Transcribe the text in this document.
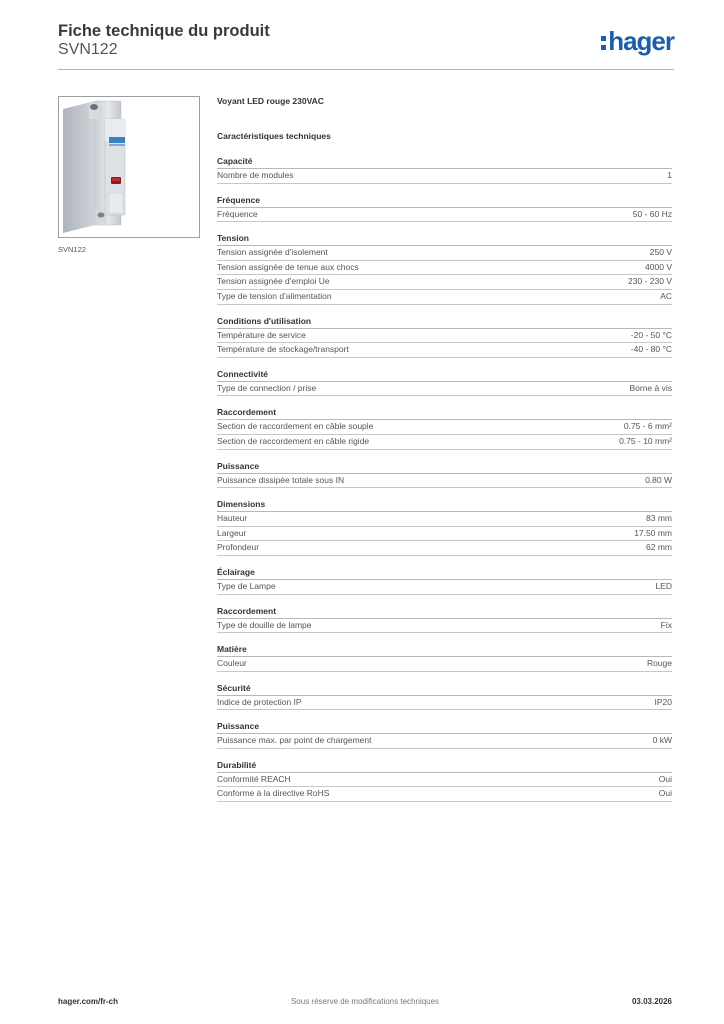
Fiche technique du produit
SVN122	hager
SVN122
Voyant LED rouge 230VAC
Caractéristiques techniques
Capacité
Nombre de modules	1
Fréquence
Fréquence	50 - 60 Hz
Tension
Tension assignée d'isolement	250 V
Tension assignée de tenue aux chocs	4000 V
Tension assignée d'emploi Ue	230 - 230 V
Type de tension d'alimentation	AC
Conditions d'utilisation
Température de service	-20 - 50 °C
Température de stockage/transport	-40 - 80 °C
Connectivité
Type de connection / prise	Borne à vis
Raccordement
Section de raccordement en câble souple	0.75 - 6 mm²
Section de raccordement en câble rigide	0.75 - 10 mm²
Puissance
Puissance dissipée totale sous IN	0.80 W
Dimensions
Hauteur	83 mm
Largeur	17.50 mm
Profondeur	62 mm
Éclairage
Type de Lampe	LED
Raccordement
Type de douille de lampe	Fix
Matière
Couleur	Rouge
Sécurité
Indice de protection IP	IP20
Puissance
Puissance max. par point de chargement	0 kW
Durabilité
Conformité REACH	Oui
Conforme à la directive RoHS	Oui
Sous réserve de modifications techniques
hager.com/fr-ch	03.03.2026
